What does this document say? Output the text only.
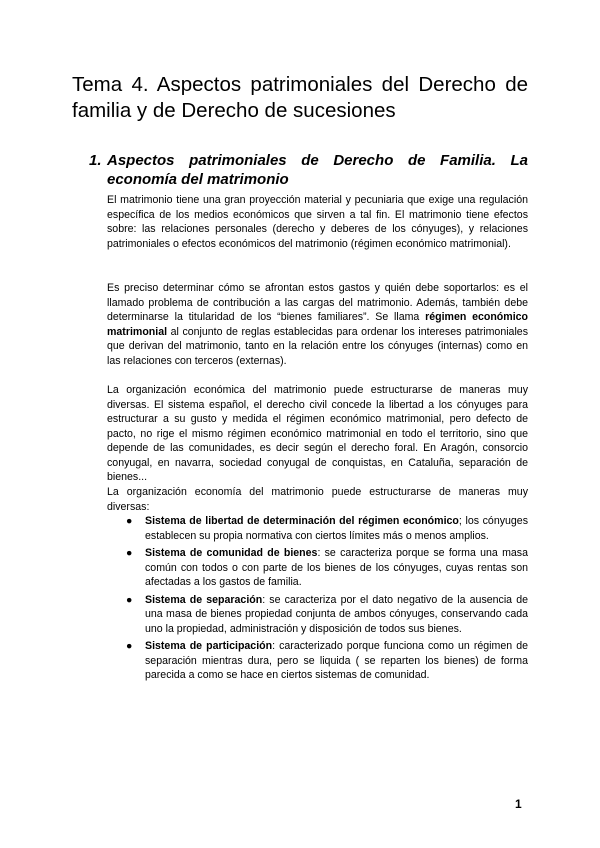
Tema 4. Aspectos patrimoniales del Derecho de familia y de Derecho de sucesiones
1. Aspectos patrimoniales de Derecho de Familia. La economía del matrimonio

El matrimonio tiene una gran proyección material y pecuniaria que exige una regulación específica de los medios económicos que sirven a tal fin. El matrimonio tiene efectos sobre: las relaciones personales (derecho y deberes de los cónyuges), y relaciones patrimoniales o efectos económicos del matrimonio (régimen económico matrimonial).

Es preciso determinar cómo se afrontan estos gastos y quién debe soportarlos: es el llamado problema de contribución a las cargas del matrimonio. Además, también debe determinarse la titularidad de los “bienes familiares”. Se llama régimen económico matrimonial al conjunto de reglas establecidas para ordenar los intereses patrimoniales que derivan del matrimonio, tanto en la relación entre los cónyuges (internas) como en las relaciones con terceros (externas).

La organización económica del matrimonio puede estructurarse de maneras muy diversas. El sistema español, el derecho civil concede la libertad a los cónyuges para estructurar a su gusto y medida el régimen económico matrimonial, pero defecto de pacto, no rige el mismo régimen económico matrimonial en todo el territorio, sino que depende de las comunidades, es decir según el derecho foral. En Aragón, consorcio conyugal, en navarra, sociedad conyugal de conquistas, en Cataluña, separación de bienes...

La organización economía del matrimonio puede estructurarse de maneras muy diversas:

● Sistema de libertad de determinación del régimen económico; los cónyuges establecen su propia normativa con ciertos límites más o menos amplios.
● Sistema de comunidad de bienes: se caracteriza porque se forma una masa común con todos o con parte de los bienes de los cónyuges, cuyas rentas son afectadas a los gastos de familia.
● Sistema de separación: se caracteriza por el dato negativo de la ausencia de una masa de bienes propiedad conjunta de ambos cónyuges, conservando cada uno la propiedad, administración y disposición de todos sus bienes.
● Sistema de participación: caracterizado porque funciona como un régimen de separación mientras dura, pero se liquida ( se reparten los bienes) de forma parecida a como se hace en ciertos sistemas de comunidad.
1
